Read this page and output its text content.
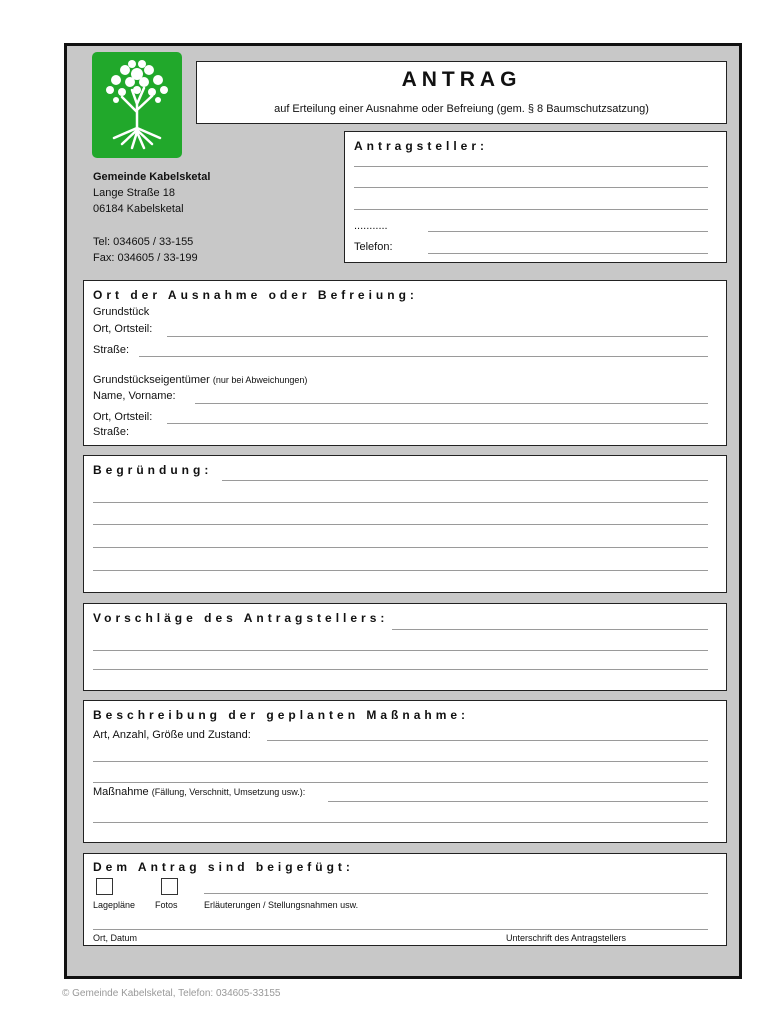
ANTRAG
auf Erteilung einer Ausnahme oder Befreiung (gem. § 8 Baumschutzsatzung)
Gemeinde Kabelsketal
Lange Straße 18
06184 Kabelsketal
Tel: 034605 / 33-155
Fax: 034605 / 33-199
Antragsteller:
...........
Telefon:
Ort der Ausnahme oder Befreiung:
Grundstück
Ort, Ortsteil:
Straße:
Grundstückseigentümer (nur bei Abweichungen)
Name, Vorname:
Ort, Ortsteil:
Straße:
Begründung:
Vorschläge des Antragstellers:
Beschreibung der geplanten Maßnahme:
Art, Anzahl, Größe und Zustand:
Maßnahme (Fällung, Verschnitt, Umsetzung usw.):
Dem Antrag sind beigefügt:
Lagepläne Fotos	Erläuterungen / Stellungsnahmen usw.
Ort, Datum	Unterschrift des Antragstellers
© Gemeinde Kabelsketal, Telefon: 034605-33155
